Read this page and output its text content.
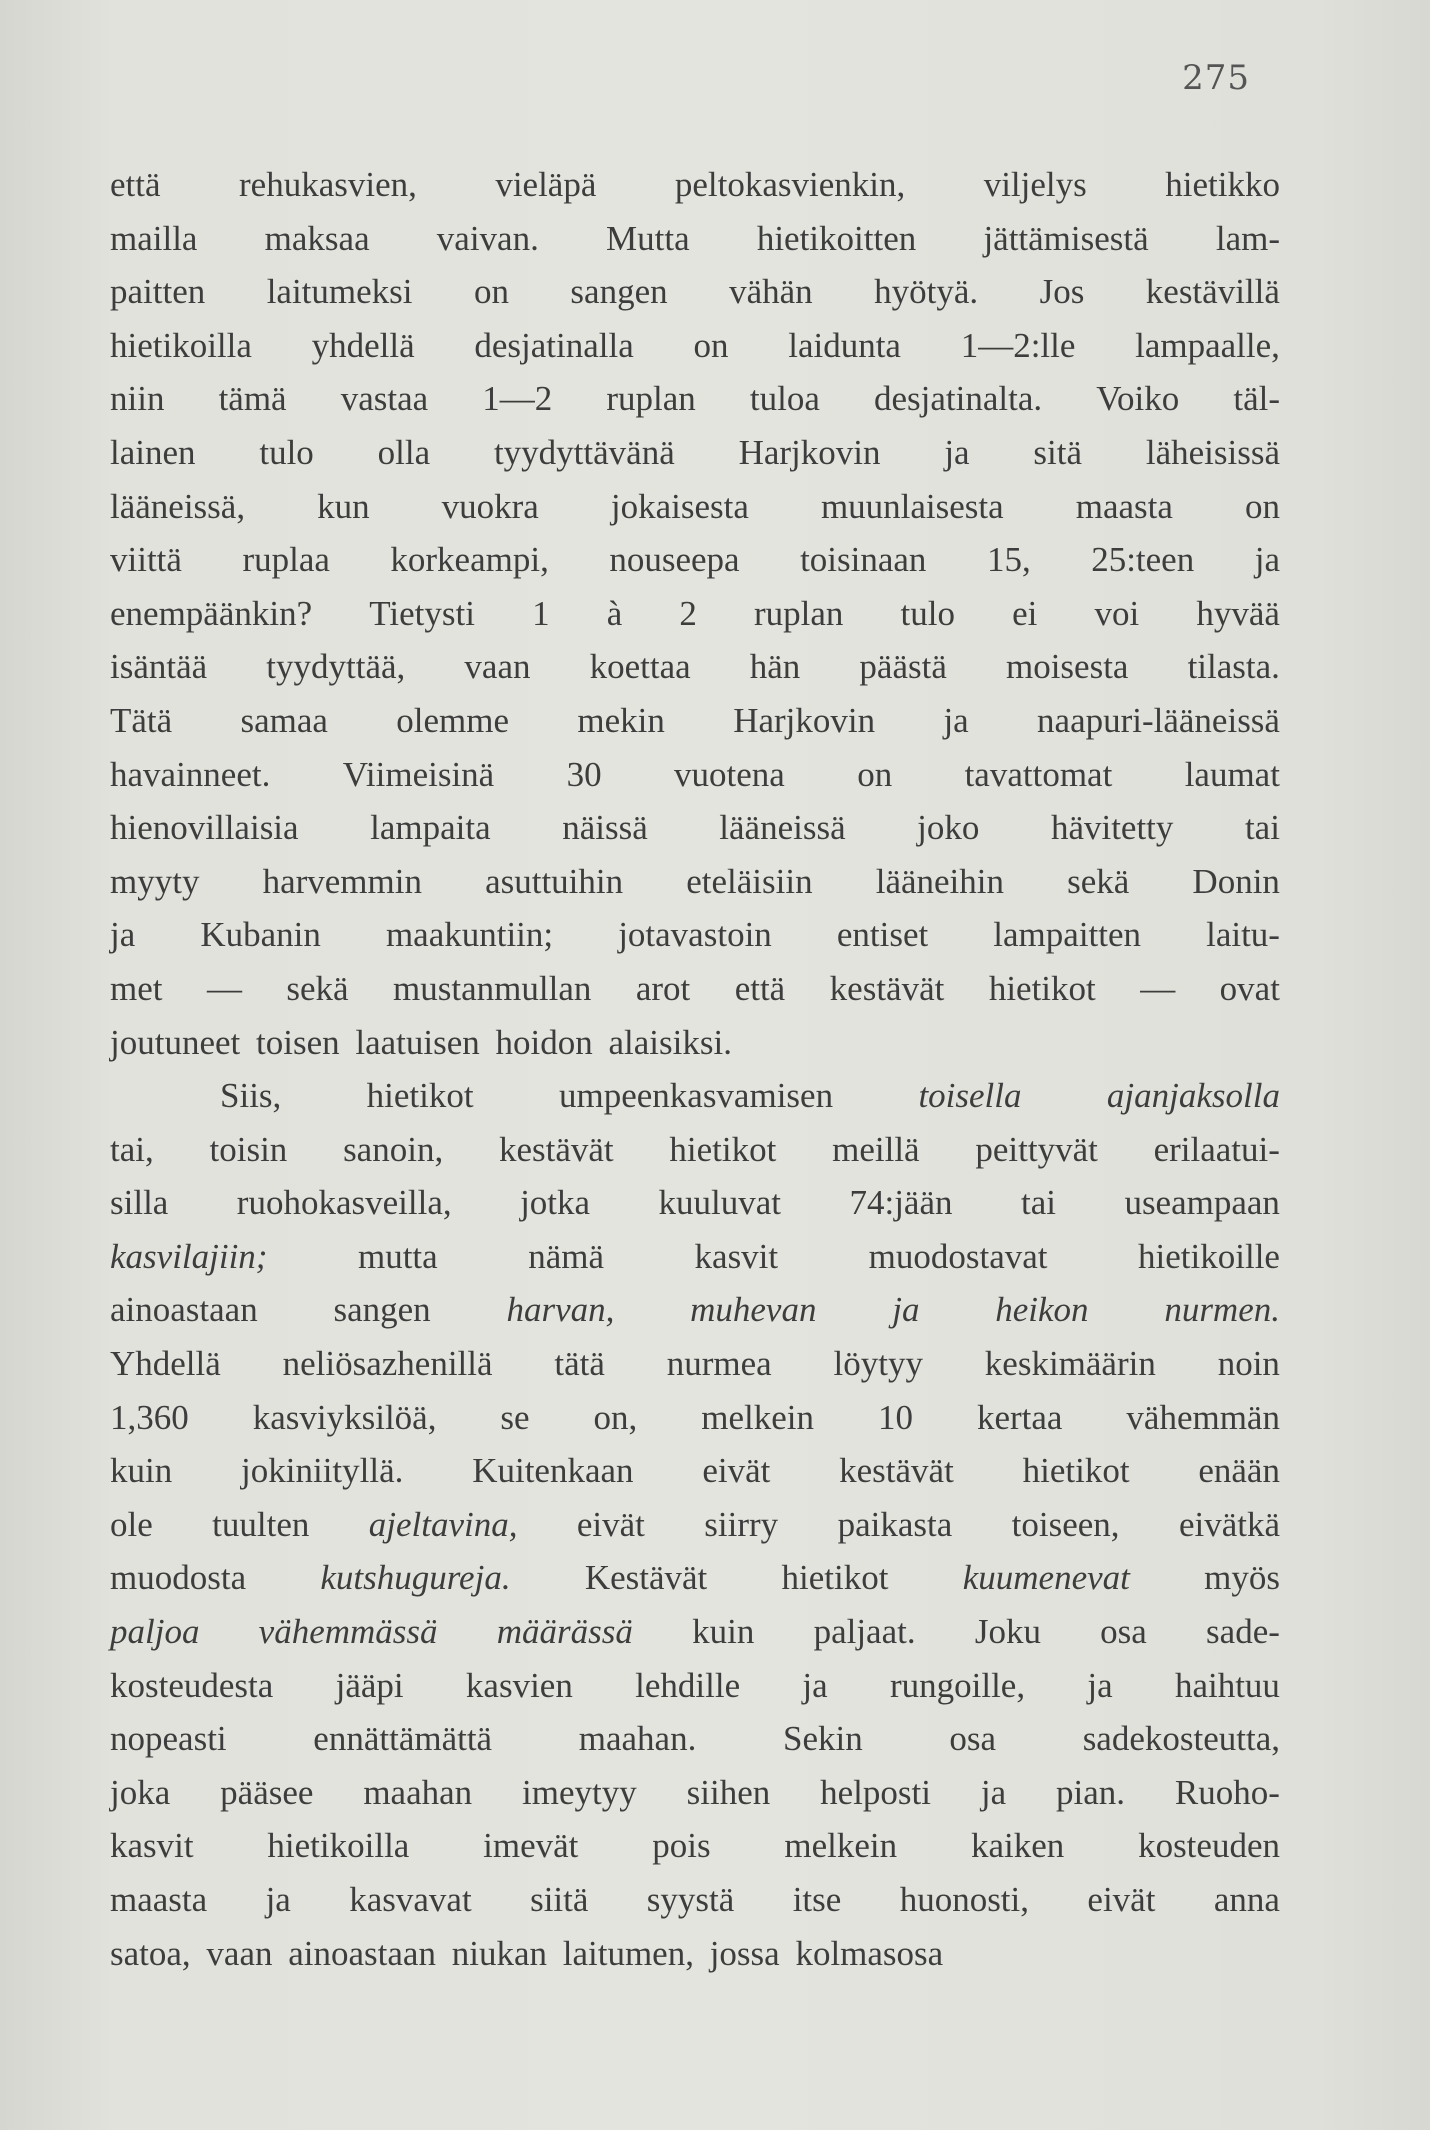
275
että rehukasvien, vieläpä peltokasvienkin, viljelys hietikko
mailla maksaa vaivan. Mutta hietikoitten jättämisestä lam-
paitten laitumeksi on sangen vähän hyötyä. Jos kestävillä
hietikoilla yhdellä desjatinalla on laidunta 1—2:lle lampaalle,
niin tämä vastaa 1—2 ruplan tuloa desjatinalta. Voiko täl-
lainen tulo olla tyydyttävänä Harjkovin ja sitä läheisissä
lääneissä, kun vuokra jokaisesta muunlaisesta maasta on
viittä ruplaa korkeampi, nouseepa toisinaan 15, 25:teen ja
enempäänkin? Tietysti 1 à 2 ruplan tulo ei voi hyvää
isäntää tyydyttää, vaan koettaa hän päästä moisesta tilasta.
Tätä samaa olemme mekin Harjkovin ja naapuri-lääneissä
havainneet. Viimeisinä 30 vuotena on tavattomat laumat
hienovillaisia lampaita näissä lääneissä joko hävitetty tai
myyty harvemmin asuttuihin eteläisiin lääneihin sekä Donin
ja Kubanin maakuntiin; jotavastoin entiset lampaitten laitu-
met — sekä mustanmullan arot että kestävät hietikot — ovat
joutuneet toisen laatuisen hoidon alaisiksi.
Siis, hietikot umpeenkasvamisen toisella ajanjaksolla
tai, toisin sanoin, kestävät hietikot meillä peittyvät erilaatui-
silla ruohokasveilla, jotka kuuluvat 74:jään tai useampaan
kasvilajiin;	mutta	nämä	kasvit	muodostavat	hietikoille
ainoastaan sangen harvan, muhevan ja heikon nurmen.
Yhdellä neliösazhenillä tätä nurmea löytyy keskimäärin noin
1,360 kasviyksilöä, se on, melkein 10 kertaa vähemmän
kuin jokiniityllä. Kuitenkaan eivät kestävät hietikot enään
ole tuulten ajeltavina, eivät siirry paikasta toiseen, eivätkä
muodosta kutshugureja. Kestävät hietikot kuumenevat myös
paljoa vähemmässä määrässä kuin paljaat. Joku osa sade-
kosteudesta jääpi kasvien lehdille ja rungoille, ja haihtuu
nopeasti ennättämättä maahan. Sekin osa sadekosteutta,
joka pääsee maahan imeytyy siihen helposti ja pian. Ruoho-
kasvit hietikoilla imevät pois melkein kaiken kosteuden
maasta ja kasvavat siitä syystä itse huonosti, eivät anna
satoa, vaan ainoastaan niukan laitumen, jossa kolmasosa
